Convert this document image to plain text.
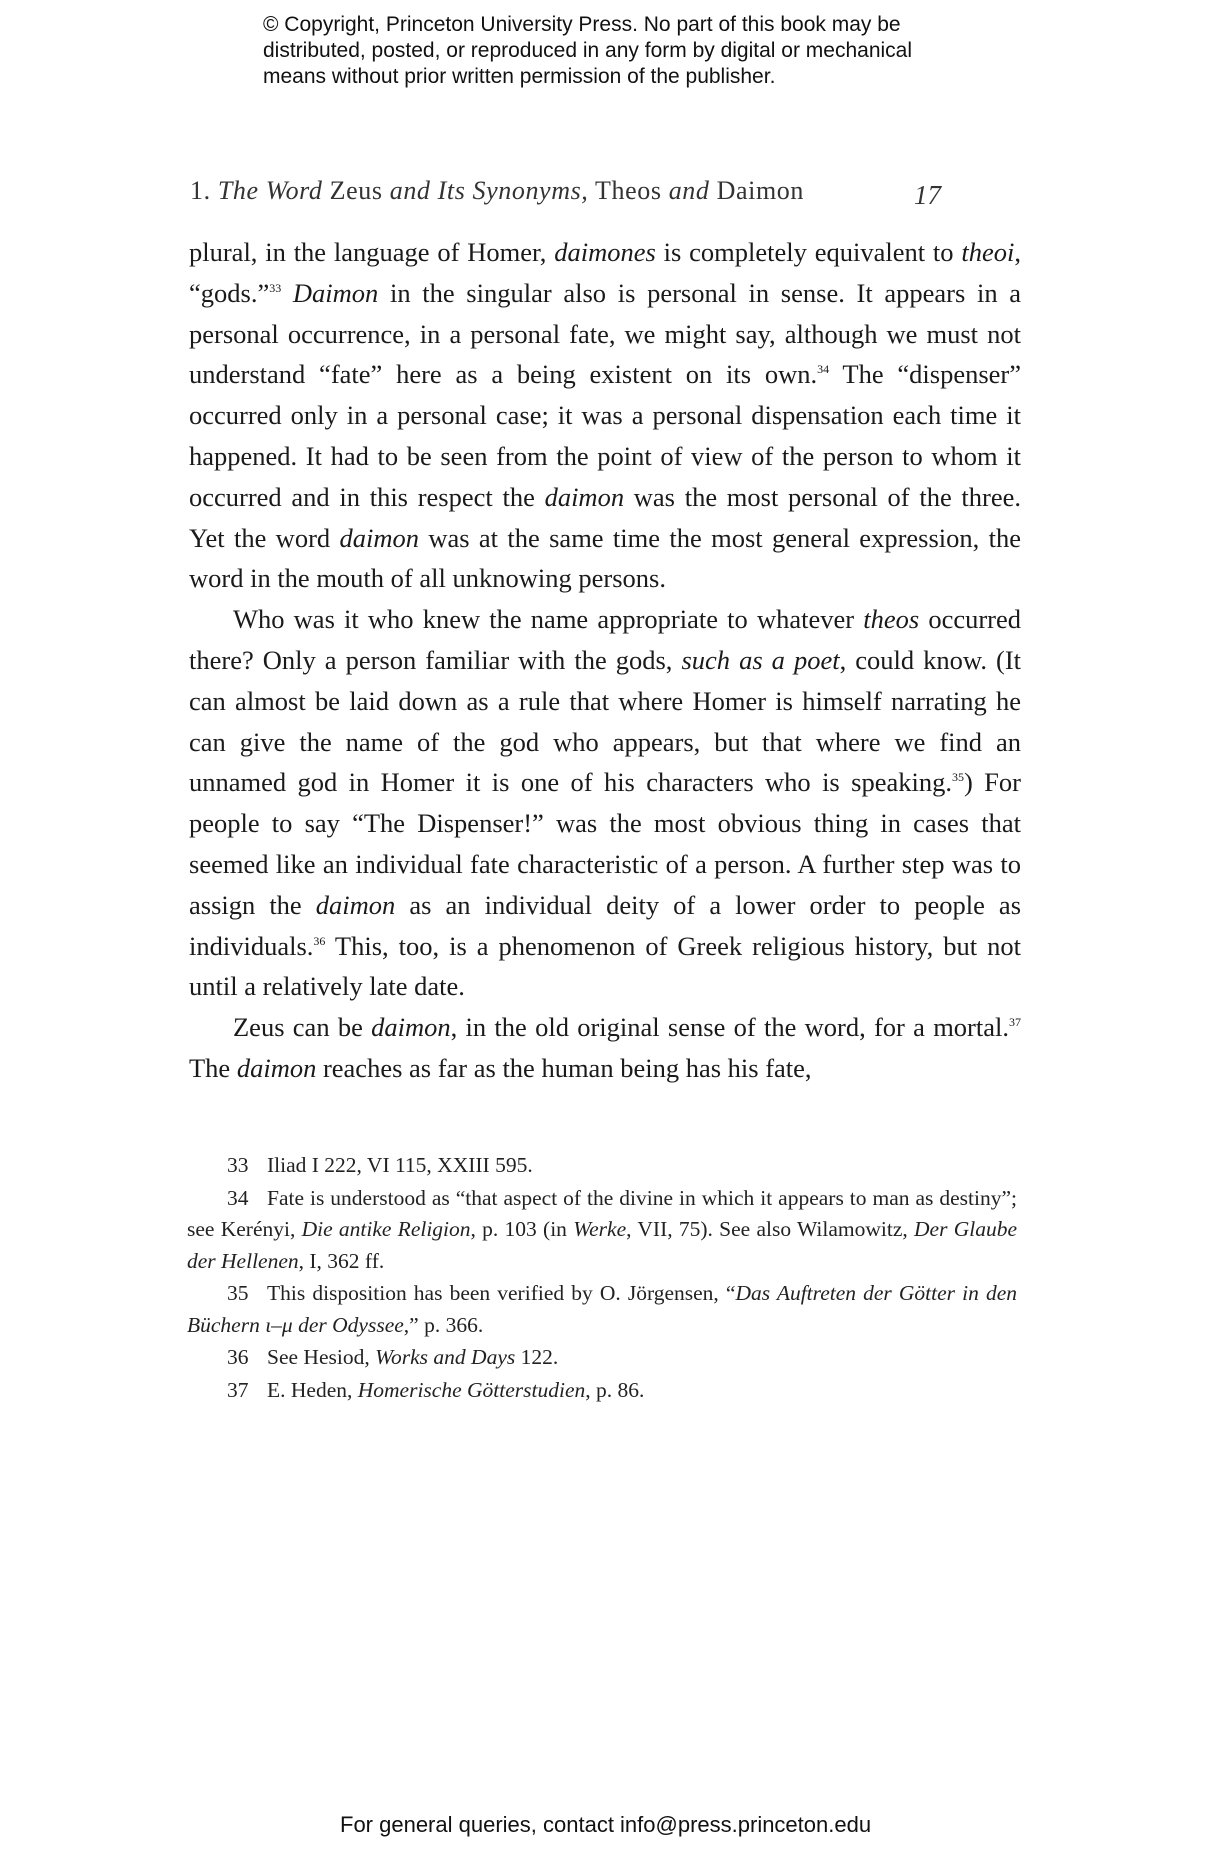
© Copyright, Princeton University Press. No part of this book may be
distributed, posted, or reproduced in any form by digital or mechanical
means without prior written permission of the publisher.
1. The Word Zeus and Its Synonyms, Theos and Daimon	17

plural, in the language of Homer, daimones is completely equivalent to theoi, “gods.”$^{33}$ Daimon in the singular also is personal in sense. It appears in a personal occurrence, in a personal fate, we might say, although we must not understand “fate” here as a being existent on its own.$^{34}$ The “dispenser” occurred only in a personal case; it was a personal dispensation each time it happened. It had to be seen from the point of view of the person to whom it occurred and in this respect the daimon was the most personal of the three. Yet the word daimon was at the same time the most general expression, the word in the mouth of all unknowing persons.

Who was it who knew the name appropriate to whatever theos occurred there? Only a person familiar with the gods, such as a poet, could know. (It can almost be laid down as a rule that where Homer is himself narrating he can give the name of the god who appears, but that where we find an unnamed god in Homer it is one of his characters who is speaking.$^{35}$) For people to say “The Dispenser!” was the most obvious thing in cases that seemed like an individual fate characteristic of a person. A further step was to assign the daimon as an individual deity of a lower order to people as individuals.$^{36}$ This, too, is a phenomenon of Greek religious history, but not until a relatively late date.

Zeus can be daimon, in the old original sense of the word, for a mortal.$^{37}$ The daimon reaches as far as the human being has his fate,

33 Iliad I 222, VI 115, XXIII 595.

34 Fate is understood as “that aspect of the divine in which it appears to man as destiny”; see Kerényi, Die antike Religion, p. 103 (in Werke, VII, 75). See also Wilamowitz, Der Glaube der Hellenen, I, 362 ff.

35 This disposition has been verified by O. Jörgensen, “Das Auftreten der Götter in den Büchern ι–μ der Odyssee,” p. 366.

36 See Hesiod, Works and Days 122.

37 E. Heden, Homerische Götterstudien, p. 86.

For general queries, contact info@press.princeton.edu
